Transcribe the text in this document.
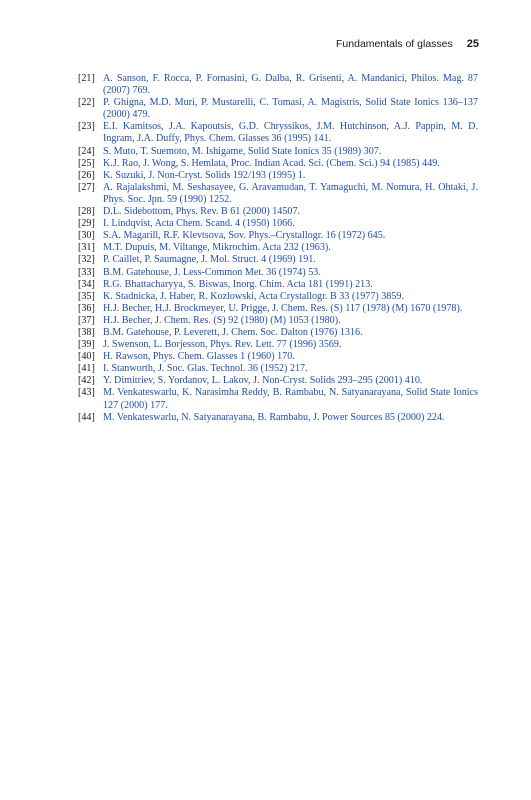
Fundamentals of glasses 25
[21] A. Sanson, F. Rocca, P. Fornasini, G. Dalba, R. Grisenti, A. Mandanici, Philos. Mag. 87 (2007) 769.
[22] P. Ghigna, M.D. Muri, P. Mustarelli, C. Tomasi, A. Magistris, Solid State Ionics 136–137 (2000) 479.
[23] E.I. Kamitsos, J.A. Kapoutsis, G.D. Chryssikos, J.M. Hutchinson, A.J. Pappin, M. D. Ingram, J.A. Duffy, Phys. Chem. Glasses 36 (1995) 141.
[24] S. Muto, T. Suemoto, M. Ishigame, Solid State Ionics 35 (1989) 307.
[25] K.J. Rao, J. Wong, S. Hemlata, Proc. Indian Acad. Sci. (Chem. Sci.) 94 (1985) 449.
[26] K. Suzuki, J. Non-Cryst. Solids 192/193 (1995) 1.
[27] A. Rajalakshmi, M. Seshasayee, G. Aravamudan, T. Yamaguchi, M. Nomura, H. Ohtaki, J. Phys. Soc. Jpn. 59 (1990) 1252.
[28] D.L. Sidebottom, Phys. Rev. B 61 (2000) 14507.
[29] I. Lindqvist, Acta Chem. Scand. 4 (1950) 1066.
[30] S.A. Magarill, R.F. Klevtsova, Sov. Phys.–Crystallogr. 16 (1972) 645.
[31] M.T. Dupuis, M. Viltange, Mikrochim. Acta 232 (1963).
[32] P. Caillet, P. Saumagne, J. Mol. Struct. 4 (1969) 191.
[33] B.M. Gatehouse, J. Less-Common Met. 36 (1974) 53.
[34] R.G. Bhattacharyya, S. Biswas, Inorg. Chim. Acta 181 (1991) 213.
[35] K. Stadnicka, J. Haber, R. Kozlowski, Acta Crystallogr. B 33 (1977) 3859.
[36] H.J. Becher, H.J. Brockmeyer, U. Prigge, J. Chem. Res. (S) 117 (1978) (M) 1670 (1978).
[37] H.J. Becher, J. Chem. Res. (S) 92 (1980) (M) 1053 (1980).
[38] B.M. Gatehouse, P. Leverett, J. Chem. Soc. Dalton (1976) 1316.
[39] J. Swenson, L. Borjesson, Phys. Rev. Lett. 77 (1996) 3569.
[40] H. Rawson, Phys. Chem. Glasses 1 (1960) 170.
[41] I. Stanworth, J. Soc. Glas. Technol. 36 (1952) 217.
[42] Y. Dimitriev, S. Yordanov, L. Lakov, J. Non-Cryst. Solids 293–295 (2001) 410.
[43] M. Venkateswarlu, K. Narasimha Reddy, B. Rambabu, N. Satyanarayana, Solid State Ionics 127 (2000) 177.
[44] M. Venkateswarlu, N. Satyanarayana, B. Rambabu, J. Power Sources 85 (2000) 224.
